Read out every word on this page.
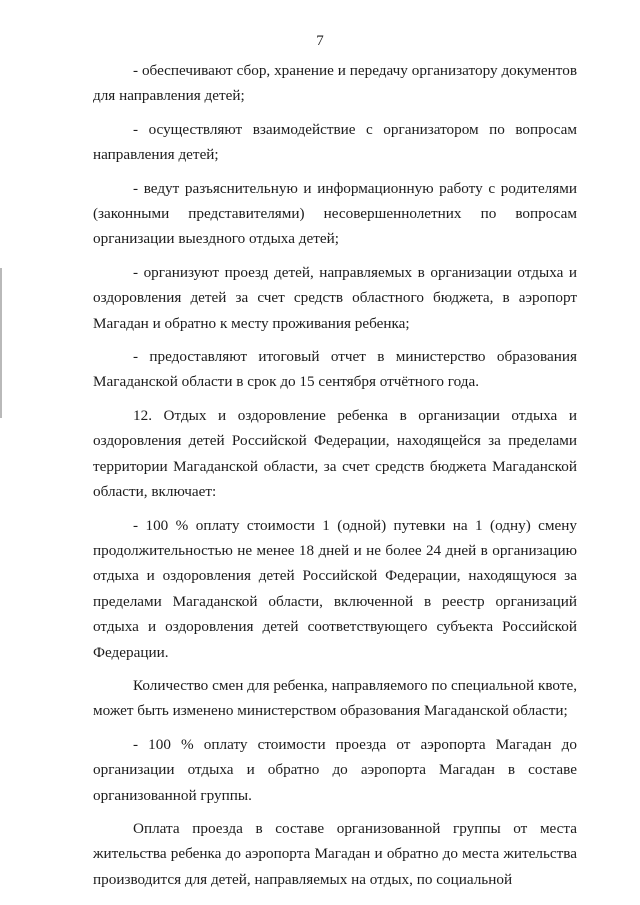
7

- обеспечивают сбор, хранение и передачу организатору документов для направления детей;

- осуществляют взаимодействие с организатором по вопросам направления детей;

- ведут разъяснительную и информационную работу с родителями (законными представителями) несовершеннолетних по вопросам организации выездного отдыха детей;

- организуют проезд детей, направляемых в организации отдыха и оздоровления детей за счет средств областного бюджета, в аэропорт Магадан и обратно к месту проживания ребенка;

- предоставляют итоговый отчет в министерство образования Магаданской области в срок до 15 сентября отчётного года.

12. Отдых и оздоровление ребенка в организации отдыха и оздоровления детей Российской Федерации, находящейся за пределами территории Магаданской области, за счет средств бюджета Магаданской области, включает:

- 100 % оплату стоимости 1 (одной) путевки на 1 (одну) смену продолжительностью не менее 18 дней и не более 24 дней в организацию отдыха и оздоровления детей Российской Федерации, находящуюся за пределами Магаданской области, включенной в реестр организаций отдыха и оздоровления детей соответствующего субъекта Российской Федерации.

Количество смен для ребенка, направляемого по специальной квоте, может быть изменено министерством образования Магаданской области;

- 100 % оплату стоимости проезда от аэропорта Магадан до организации отдыха и обратно до аэропорта Магадан в составе организованной группы.

Оплата проезда в составе организованной группы от места жительства ребенка до аэропорта Магадан и обратно до места жительства производится для детей, направляемых на отдых, по социальной
